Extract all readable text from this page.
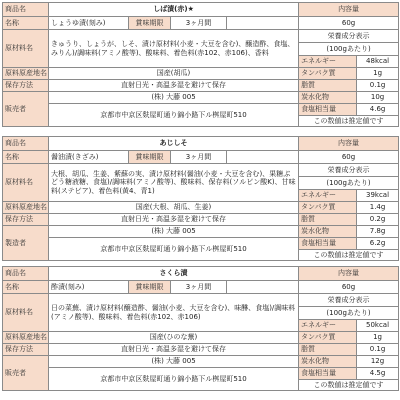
商品名	しば漬(赤)★				内容量	
名称	しょうゆ漬(刻み)	賞味期限	3ヶ月間		60g	
原材料名	きゅうり、しょうが、しそ、漬け原材料(小麦・大豆を含む)、醸造酢、食塩、みりん)/調味料(アミノ酸等)、酸味料、着色料(赤102、赤106)、香料				栄養成分表示	
					(100gあたり)	
					エネルギー	48kcal
原料原産地名	国産(胡瓜)				タンパク質	1g
保存方法	直射日光・高温多湿を避けて保存				脂質	0.1g
販売者	(株) 大藤 005				炭水化物	10g
	京都市中京区麩屋町通り錦小路下ル桝屋町510				食塩相当量	4.6g
					この数値は推定値です	
商品名	あじしそ				内容量	
名称	醤油漬(きざみ)	賞味期限	3ヶ月間		60g	
原材料名	大根、胡瓜、生姜、紫蘇の実、漬け原材料(醤油(小麦・大豆を含む)、果糖ぶどう糖液糖、食塩)/調味料(アミノ酸等)、酸味料、保存料(ソルビン酸K)、甘味料(ステビア)、着色料(黄4、青1)				栄養成分表示	
					(100gあたり)	
					エネルギー	39kcal
原料原産地名	国産(大根、胡瓜、生姜)				タンパク質	1.4g
保存方法	直射日光・高温多湿を避けて保存				脂質	0.2g
製造者	(株) 大藤 005				炭水化物	7.8g
	京都市中京区麩屋町通り錦小路下ル桝屋町510				食塩相当量	6.2g
					この数値は推定値です	
商品名	さくら漬				内容量	
名称	酢漬(刻み)	賞味期限	3ヶ月間		60g	
原材料名	日の菜蕪、漬け原材料(醸造酢、醤油(小麦、大豆を含む)、味醂、食塩)/調味料(アミノ酸等)、酸味料、着色料(赤102、赤106)				栄養成分表示	
					(100gあたり)	
					エネルギー	50kcal
原料原産地名	国産(ひのな蕪)				タンパク質	1g
保存方法	直射日光・高温多湿を避けて保存				脂質	0.1g
販売者	(株) 大藤 005				炭水化物	12g
	京都市中京区麩屋町通り錦小路下ル桝屋町510				食塩相当量	4.5g
					この数値は推定値です	
